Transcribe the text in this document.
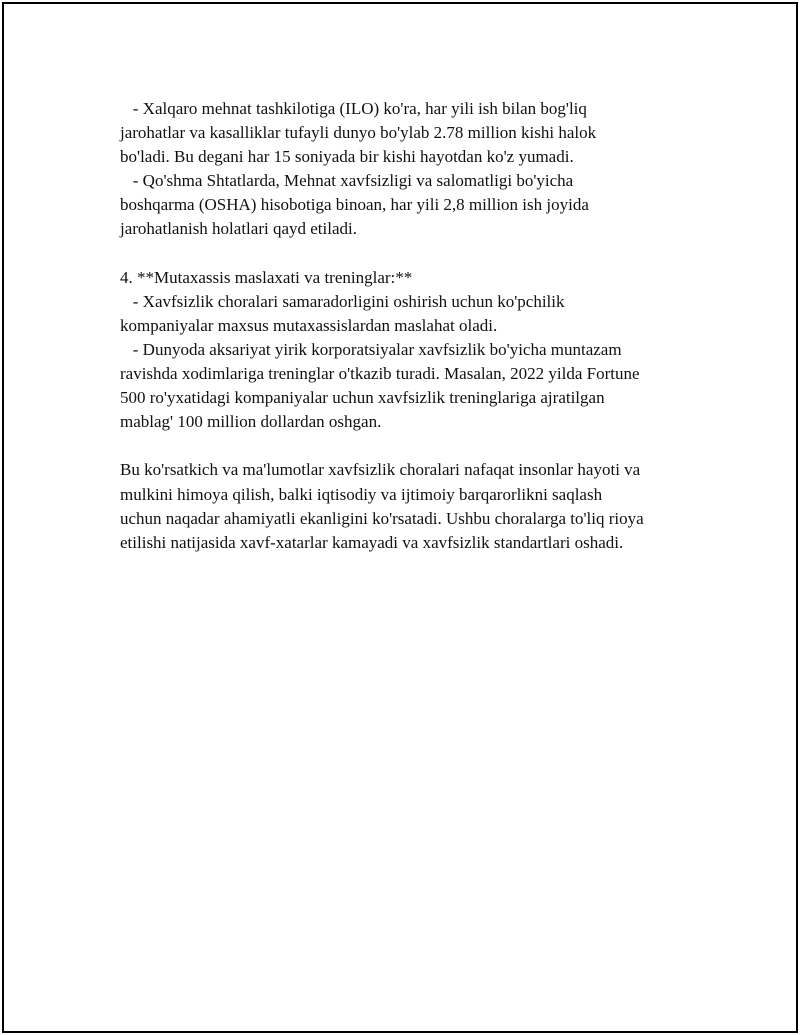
- Xalqaro mehnat tashkilotiga (ILO) ko'ra, har yili ish bilan bog'liq
jarohatlar va kasalliklar tufayli dunyo bo'ylab 2.78 million kishi halok
bo'ladi. Bu degani har 15 soniyada bir kishi hayotdan ko'z yumadi.
- Qo'shma Shtatlarda, Mehnat xavfsizligi va salomatligi bo'yicha
boshqarma (OSHA) hisobotiga binoan, har yili 2,8 million ish joyida
jarohatlanish holatlari qayd etiladi.
4. **Mutaxassis maslaxati va treninglar:**
- Xavfsizlik choralari samaradorligini oshirish uchun ko'pchilik
kompaniyalar maxsus mutaxassislardan maslahat oladi.
- Dunyoda aksariyat yirik korporatsiyalar xavfsizlik bo'yicha muntazam
ravishda xodimlariga treninglar o'tkazib turadi. Masalan, 2022 yilda Fortune
500 ro'yxatidagi kompaniyalar uchun xavfsizlik treninglariga ajratilgan
mablag' 100 million dollardan oshgan.
Bu ko'rsatkich va ma'lumotlar xavfsizlik choralari nafaqat insonlar hayoti va
mulkini himoya qilish, balki iqtisodiy va ijtimoiy barqarorlikni saqlash
uchun naqadar ahamiyatli ekanligini ko'rsatadi. Ushbu choralarga to'liq rioya
etilishi natijasida xavf-xatarlar kamayadi va xavfsizlik standartlari oshadi.
